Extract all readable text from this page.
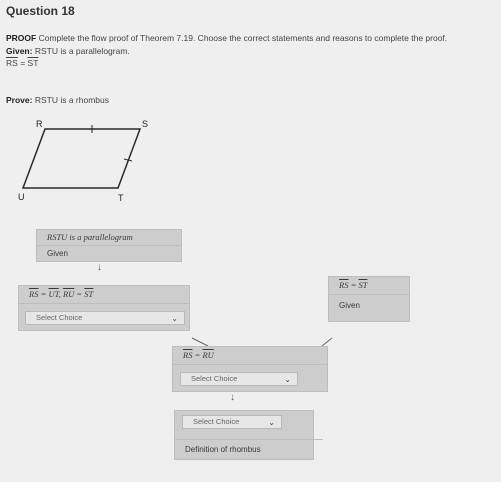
Question 18
PROOF Complete the flow proof of Theorem 7.19. Choose the correct statements and reasons to complete the proof.
Given: RSTU is a parallelogram.
$\overline{RS} = \overline{ST}$
Prove: RSTU is a rhombus
R	S
T
U
RSTU is a parallelogram
Given
↓
$\overline{RS} = \overline{UT}$, $\overline{RU} = \overline{ST}$
Select Choice	⌄
$\overline{RS} = \overline{ST}$
Given
$\overline{RS} = \overline{RU}$
Select Choice	⌄
↓
Select Choice	⌄
Definition of rhombus
